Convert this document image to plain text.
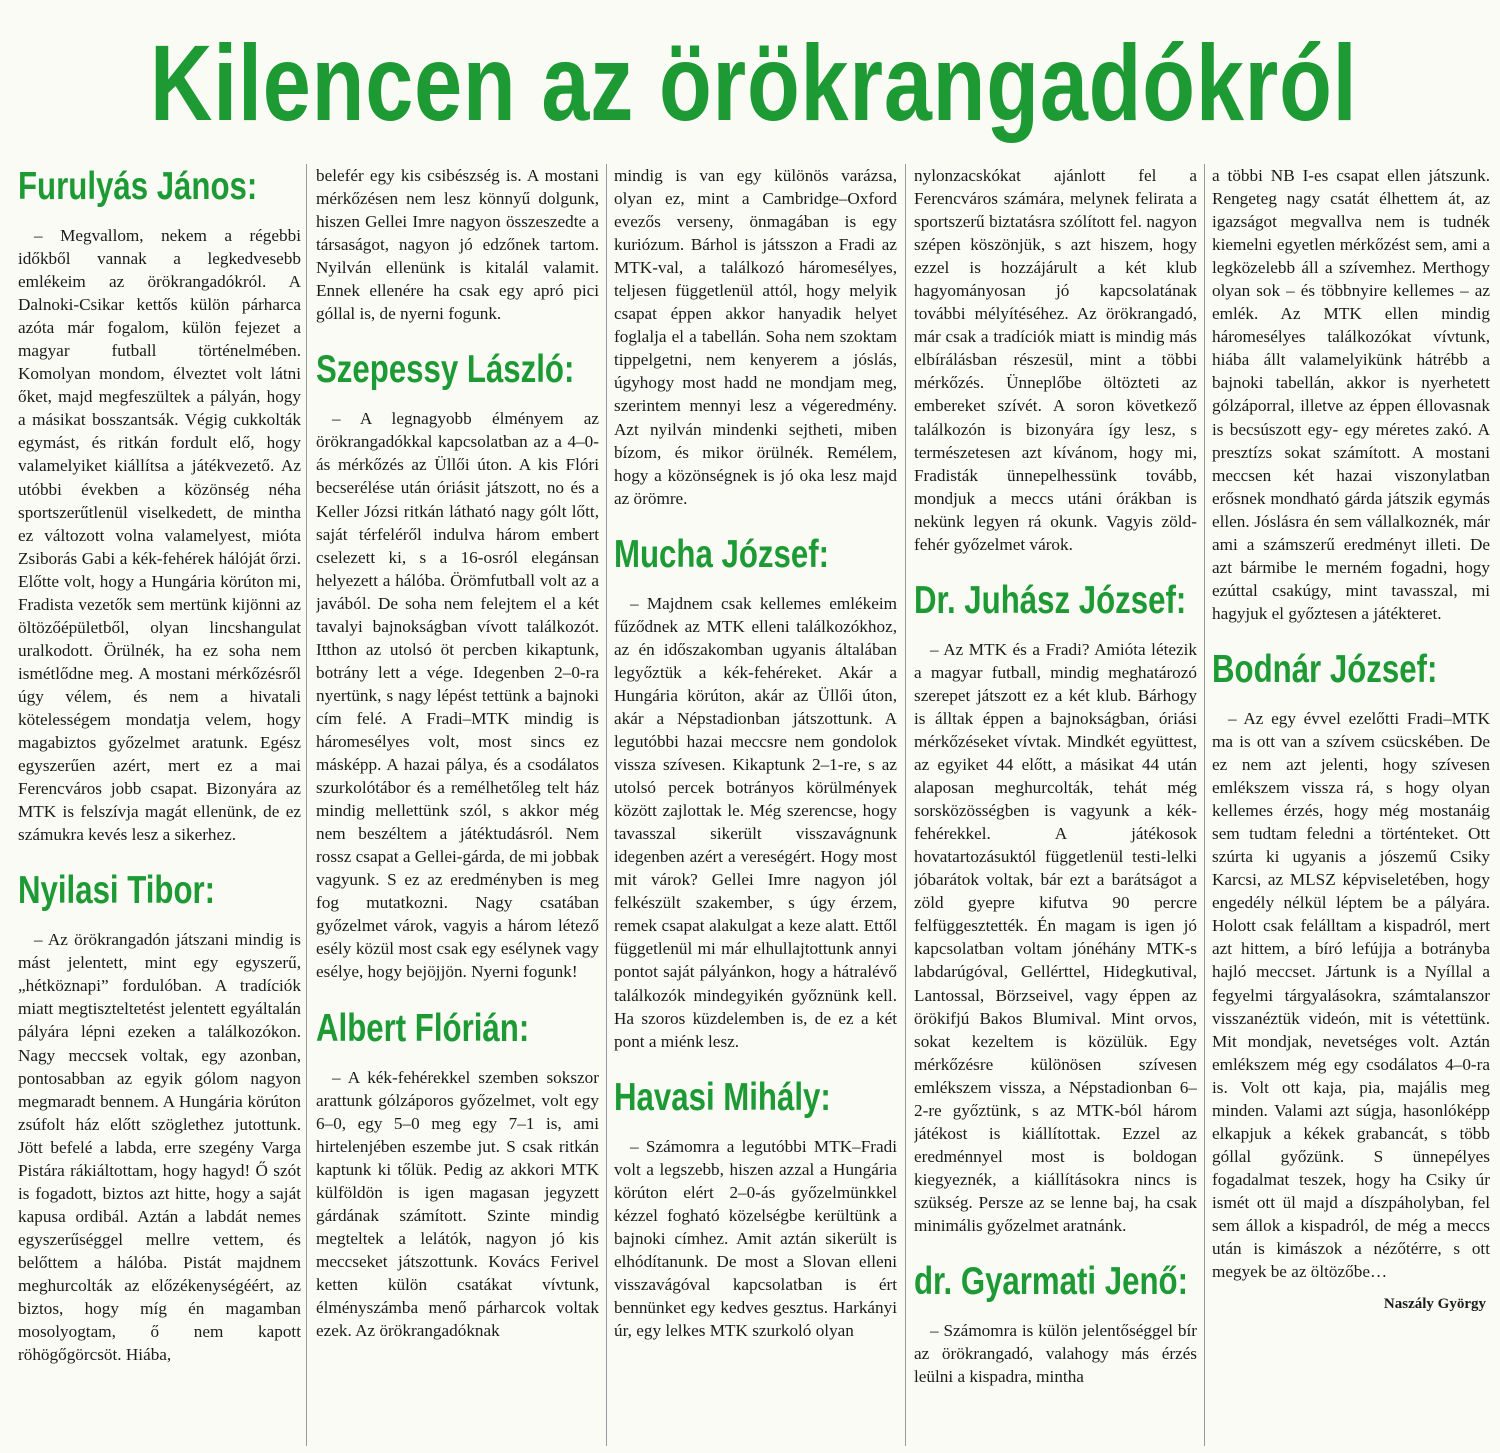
Kilencen az örökrangadókról
Furulyás János:

– Megvallom, nekem a régebbi időkből vannak a legkedvesebb emlékeim az örökrangadókról. A Dalnoki-Csikar kettős külön párharca azóta már fogalom, külön fejezet a magyar futball történelmében. Komolyan mondom, élveztet volt látni őket, majd megfeszültek a pályán, hogy a másikat bosszantsák. Végig cukkolták egymást, és ritkán fordult elő, hogy valamelyiket kiállítsa a játékvezető. Az utóbbi években a közönség néha sportszerűtlenül viselkedett, de mintha ez változott volna valamelyest, mióta Zsiborás Gabi a kék-fehérek hálóját őrzi. Előtte volt, hogy a Hungária körúton mi, Fradista vezetők sem mertünk kijönni az öltözőépületből, olyan lincshangulat uralkodott. Örülnék, ha ez soha nem ismétlődne meg. A mostani mérkőzésről úgy vélem, és nem a hivatali kötelességem mondatja velem, hogy magabiztos győzelmet aratunk. Egész egyszerűen azért, mert ez a mai Ferencváros jobb csapat. Bizonyára az MTK is felszívja magát ellenünk, de ez számukra kevés lesz a sikerhez.

Nyilasi Tibor:

– Az örökrangadón játszani mindig is mást jelentett, mint egy egyszerű, „hétköznapi” fordulóban. A tradíciók miatt megtiszteltetést jelentett egyáltalán pályára lépni ezeken a találkozókon. Nagy meccsek voltak, egy azonban, pontosabban az egyik gólom nagyon megmaradt bennem. A Hungária körúton zsúfolt ház előtt szöglethez jutottunk. Jött befelé a labda, erre szegény Varga Pistára rákiáltottam, hogy hagyd! Ő szót is fogadott, biztos azt hitte, hogy a saját kapusa ordibál. Aztán a labdát nemes egyszerűséggel mellre vettem, és belőttem a hálóba. Pistát majdnem meghurcolták az előzékenységéért, az biztos, hogy míg én magamban mosolyogtam, ő nem kapott röhögőgörcsöt. Hiába,

belefér egy kis csibészség is. A mostani mérkőzésen nem lesz könnyű dolgunk, hiszen Gellei Imre nagyon összeszedte a társaságot, nagyon jó edzőnek tartom. Nyilván ellenünk is kitalál valamit. Ennek ellenére ha csak egy apró pici góllal is, de nyerni fogunk.

Szepessy László:

– A legnagyobb élményem az örökrangadókkal kapcsolatban az a 4–0-ás mérkőzés az Üllői úton. A kis Flóri becserélése után óriásit játszott, no és a Keller Józsi ritkán látható nagy gólt lőtt, saját térfeléről indulva három embert cselezett ki, s a 16-osról elegánsan helyezett a hálóba. Örömfutball volt az a javából. De soha nem felejtem el a két tavalyi bajnokságban vívott találkozót. Itthon az utolsó öt percben kikaptunk, botrány lett a vége. Idegenben 2–0-ra nyertünk, s nagy lépést tettünk a bajnoki cím felé. A Fradi–MTK mindig is háromesélyes volt, most sincs ez másképp. A hazai pálya, és a csodálatos szurkolótábor és a remélhetőleg telt ház mindig mellettünk szól, s akkor még nem beszéltem a játéktudásról. Nem rossz csapat a Gellei-gárda, de mi jobbak vagyunk. S ez az eredményben is meg fog mutatkozni. Nagy csatában győzelmet várok, vagyis a három létező esély közül most csak egy esélynek vagy esélye, hogy bejöjjön. Nyerni fogunk!

Albert Flórián:

– A kék-fehérekkel szemben sokszor arattunk gólzáporos győzelmet, volt egy 6–0, egy 5–0 meg egy 7–1 is, ami hirtelenjében eszembe jut. S csak ritkán kaptunk ki tőlük. Pedig az akkori MTK külföldön is igen magasan jegyzett gárdának számított. Szinte mindig megteltek a lelátók, nagyon jó kis meccseket játszottunk. Kovács Ferivel ketten külön csatákat vívtunk, élményszámba menő párharcok voltak ezek. Az örökrangadóknak

mindig is van egy különös varázsa, olyan ez, mint a Cambridge–Oxford evezős verseny, önmagában is egy kuriózum. Bárhol is játsszon a Fradi az MTK-val, a találkozó háromesélyes, teljesen függetlenül attól, hogy melyik csapat éppen akkor hanyadik helyet foglalja el a tabellán. Soha nem szoktam tippelgetni, nem kenyerem a jóslás, úgyhogy most hadd ne mondjam meg, szerintem mennyi lesz a végeredmény. Azt nyilván mindenki sejtheti, miben bízom, és mikor örülnék. Remélem, hogy a közönségnek is jó oka lesz majd az örömre.

Mucha József:

– Majdnem csak kellemes emlékeim fűződnek az MTK elleni találkozókhoz, az én időszakomban ugyanis általában legyőztük a kék-fehéreket. Akár a Hungária körúton, akár az Üllői úton, akár a Népstadionban játszottunk. A legutóbbi hazai meccsre nem gondolok vissza szívesen. Kikaptunk 2–1-re, s az utolsó percek botrányos körülmények között zajlottak le. Még szerencse, hogy tavasszal sikerült visszavágnunk idegenben azért a vereségért. Hogy most mit várok? Gellei Imre nagyon jól felkészült szakember, s úgy érzem, remek csapat alakulgat a keze alatt. Ettől függetlenül mi már elhullajtottunk annyi pontot saját pályánkon, hogy a hátralévő találkozók mindegyikén győznünk kell. Ha szoros küzdelemben is, de ez a két pont a miénk lesz.

Havasi Mihály:

– Számomra a legutóbbi MTK–Fradi volt a legszebb, hiszen azzal a Hungária körúton elért 2–0-ás győzelmünkkel kézzel fogható közelségbe kerültünk a bajnoki címhez. Amit aztán sikerült is elhódítanunk. De most a Slovan elleni visszavágóval kapcsolatban is ért bennünket egy kedves gesztus. Harkányi úr, egy lelkes MTK szurkoló olyan

nylonzacskókat ajánlott fel a Ferencváros számára, melynek felirata a sportszerű biztatásra szólított fel. nagyon szépen köszönjük, s azt hiszem, hogy ezzel is hozzájárult a két klub hagyományosan jó kapcsolatának további mélyítéséhez. Az örökrangadó, már csak a tradíciók miatt is mindig más elbírálásban részesül, mint a többi mérkőzés. Ünneplőbe öltözteti az embereket szívét. A soron következő találkozón is bizonyára így lesz, s természetesen azt kívánom, hogy mi, Fradisták ünnepelhessünk tovább, mondjuk a meccs utáni órákban is nekünk legyen rá okunk. Vagyis zöld-fehér győzelmet várok.

Dr. Juhász József:

– Az MTK és a Fradi? Amióta létezik a magyar futball, mindig meghatározó szerepet játszott ez a két klub. Bárhogy is álltak éppen a bajnokságban, óriási mérkőzéseket vívtak. Mindkét együttest, az egyiket 44 előtt, a másikat 44 után alaposan meghurcolták, tehát még sorsközösségben is vagyunk a kék-fehérekkel. A játékosok hovatartozásuktól függetlenül testi-lelki jóbarátok voltak, bár ezt a barátságot a zöld gyepre kifutva 90 percre felfüggesztették. Én magam is igen jó kapcsolatban voltam jónéhány MTK-s labdarúgóval, Gellérttel, Hidegkutival, Lantossal, Börzseivel, vagy éppen az örökifjú Bakos Blumival. Mint orvos, sokat kezeltem is közülük. Egy mérkőzésre különösen szívesen emlékszem vissza, a Népstadionban 6–2-re győztünk, s az MTK-ból három játékost is kiállítottak. Ezzel az eredménnyel most is boldogan kiegyeznék, a kiállításokra nincs is szükség. Persze az se lenne baj, ha csak minimális győzelmet aratnánk.

dr. Gyarmati Jenő:

– Számomra is külön jelentőséggel bír az örökrangadó, valahogy más érzés leülni a kispadra, mintha

a többi NB I-es csapat ellen játszunk. Rengeteg nagy csatát élhettem át, az igazságot megvallva nem is tudnék kiemelni egyetlen mérkőzést sem, ami a legközelebb áll a szívemhez. Merthogy olyan sok – és többnyire kellemes – az emlék. Az MTK ellen mindig háromesélyes találkozókat vívtunk, hiába állt valamelyikünk hátrébb a bajnoki tabellán, akkor is nyerhetett gólzáporral, illetve az éppen éllovasnak is becsúszott egy- egy méretes zakó. A presztízs sokat számított. A mostani meccsen két hazai viszonylatban erősnek mondható gárda játszik egymás ellen. Jóslásra én sem vállalkoznék, már ami a számszerű eredményt illeti. De azt bármibe le merném fogadni, hogy ezúttal csakúgy, mint tavasszal, mi hagyjuk el győztesen a játékteret.

Bodnár József:

– Az egy évvel ezelőtti Fradi–MTK ma is ott van a szívem csücskében. De ez nem azt jelenti, hogy szívesen emlékszem vissza rá, s hogy olyan kellemes érzés, hogy még mostanáig sem tudtam feledni a történteket. Ott szúrta ki ugyanis a jószemű Csiky Karcsi, az MLSZ képviseletében, hogy engedély nélkül léptem be a pályára. Holott csak felálltam a kispadról, mert azt hittem, a bíró lefújja a botrányba hajló meccset. Jártunk is a Nyíllal a fegyelmi tárgyalásokra, számtalanszor visszanéztük videón, mit is vétettünk. Mit mondjak, nevetséges volt. Aztán emlékszem még egy csodálatos 4–0-ra is. Volt ott kaja, pia, majális meg minden. Valami azt súgja, hasonlóképp elkapjuk a kékek grabancát, s több góllal győzünk. S ünnepélyes fogadalmat teszek, hogy ha Csiky úr ismét ott ül majd a díszpáholyban, fel sem állok a kispadról, de még a meccs után is kimászok a nézőtérre, s ott megyek be az öltözőbe…

Naszály György
